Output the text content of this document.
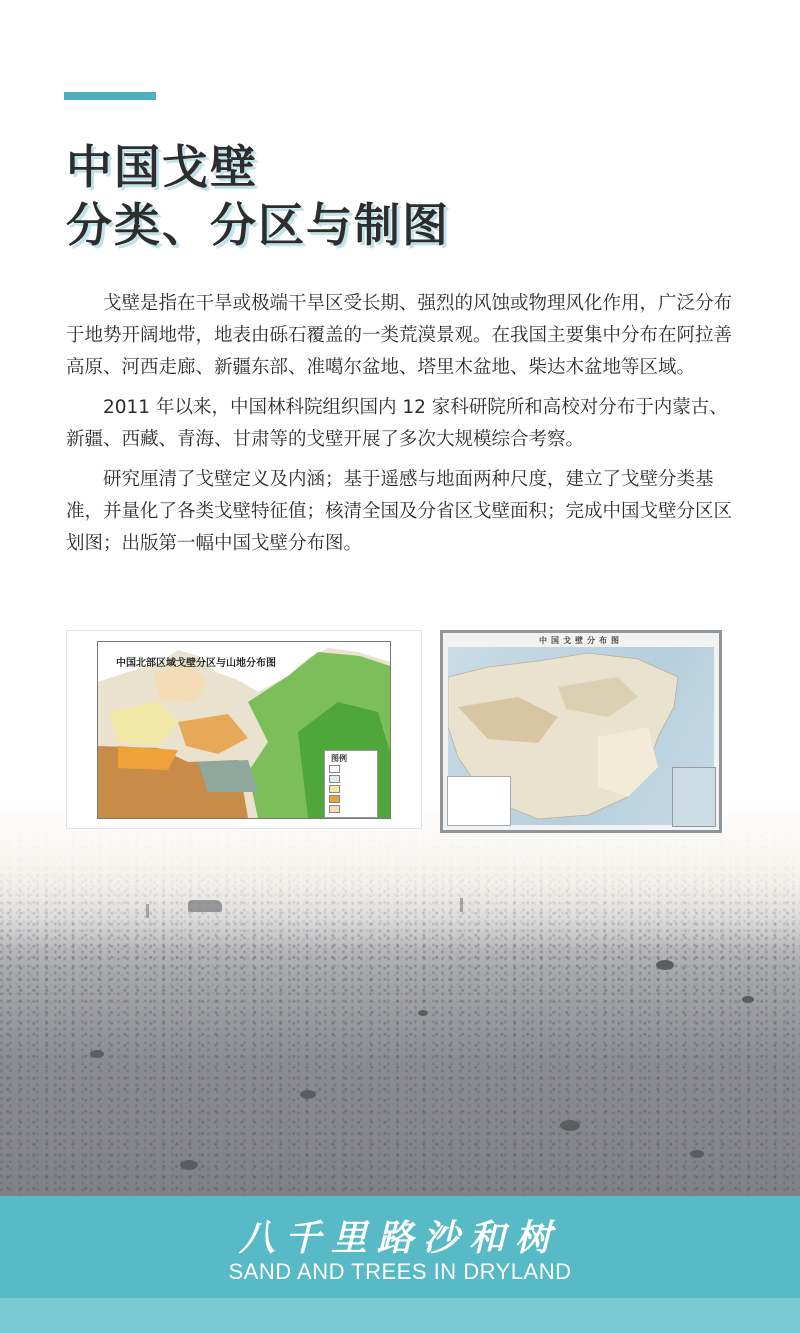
中国戈壁
分类、分区与制图

戈壁是指在干旱或极端干旱区受长期、强烈的风蚀或物理风化作用，广泛分布于地势开阔地带，地表由砾石覆盖的一类荒漠景观。在我国主要集中分布在阿拉善高原、河西走廊、新疆东部、准噶尔盆地、塔里木盆地、柴达木盆地等区域。

2011 年以来，中国林科院组织国内 12 家科研院所和高校对分布于内蒙古、新疆、西藏、青海、甘肃等的戈壁开展了多次大规模综合考察。

研究厘清了戈壁定义及内涵；基于遥感与地面两种尺度，建立了戈壁分类基准，并量化了各类戈壁特征值；核清全国及分省区戈壁面积；完成中国戈壁分区区划图；出版第一幅中国戈壁分布图。

中国北部区域戈壁分区与山地分布图
图例
中国戈壁分布图
八千里路沙和树
SAND AND TREES IN DRYLAND
